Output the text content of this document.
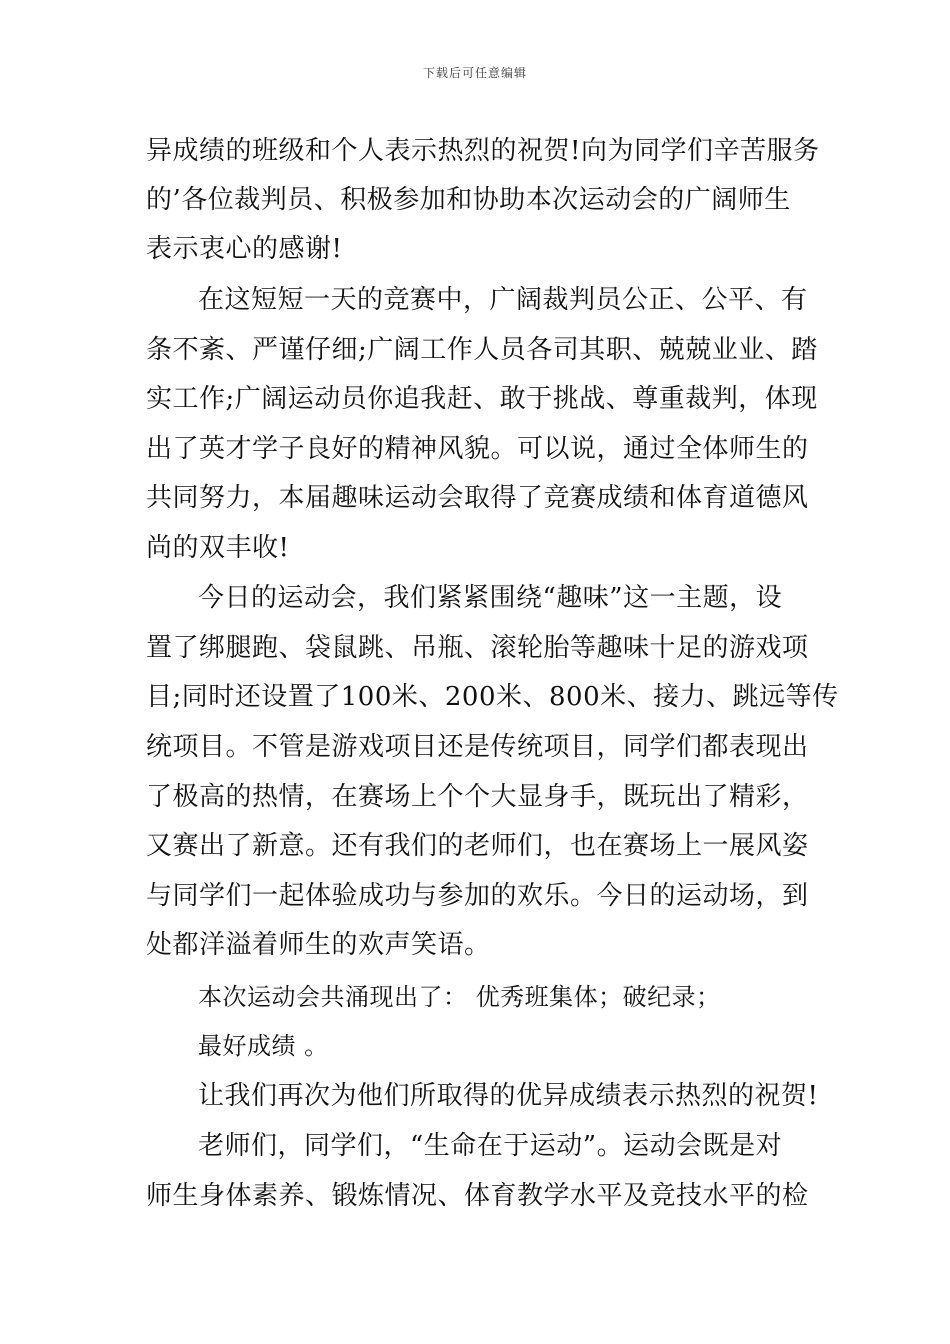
下载后可任意编辑
异成绩的班级和个人表示热烈的祝贺!向为同学们辛苦服务
的’各位裁判员、积极参加和协助本次运动会的广阔师生
表示衷心的感谢!
在这短短一天的竞赛中，广阔裁判员公正、公平、有
条不紊、严谨仔细;广阔工作人员各司其职、兢兢业业、踏
实工作;广阔运动员你追我赶、敢于挑战、尊重裁判，体现
出了英才学子良好的精神风貌。可以说，通过全体师生的
共同努力，本届趣味运动会取得了竞赛成绩和体育道德风
尚的双丰收!
今日的运动会，我们紧紧围绕“趣味”这一主题，设
置了绑腿跑、袋鼠跳、吊瓶、滚轮胎等趣味十足的游戏项
目;同时还设置了100米、200米、800米、接力、跳远等传
统项目。不管是游戏项目还是传统项目，同学们都表现出
了极高的热情，在赛场上个个大显身手，既玩出了精彩，
又赛出了新意。还有我们的老师们，也在赛场上一展风姿
与同学们一起体验成功与参加的欢乐。今日的运动场，到
处都洋溢着师生的欢声笑语。
本次运动会共涌现出了： 优秀班集体；破纪录；
最好成绩 。
让我们再次为他们所取得的优异成绩表示热烈的祝贺!
老师们，同学们，“生命在于运动”。运动会既是对
师生身体素养、锻炼情况、体育教学水平及竞技水平的检
